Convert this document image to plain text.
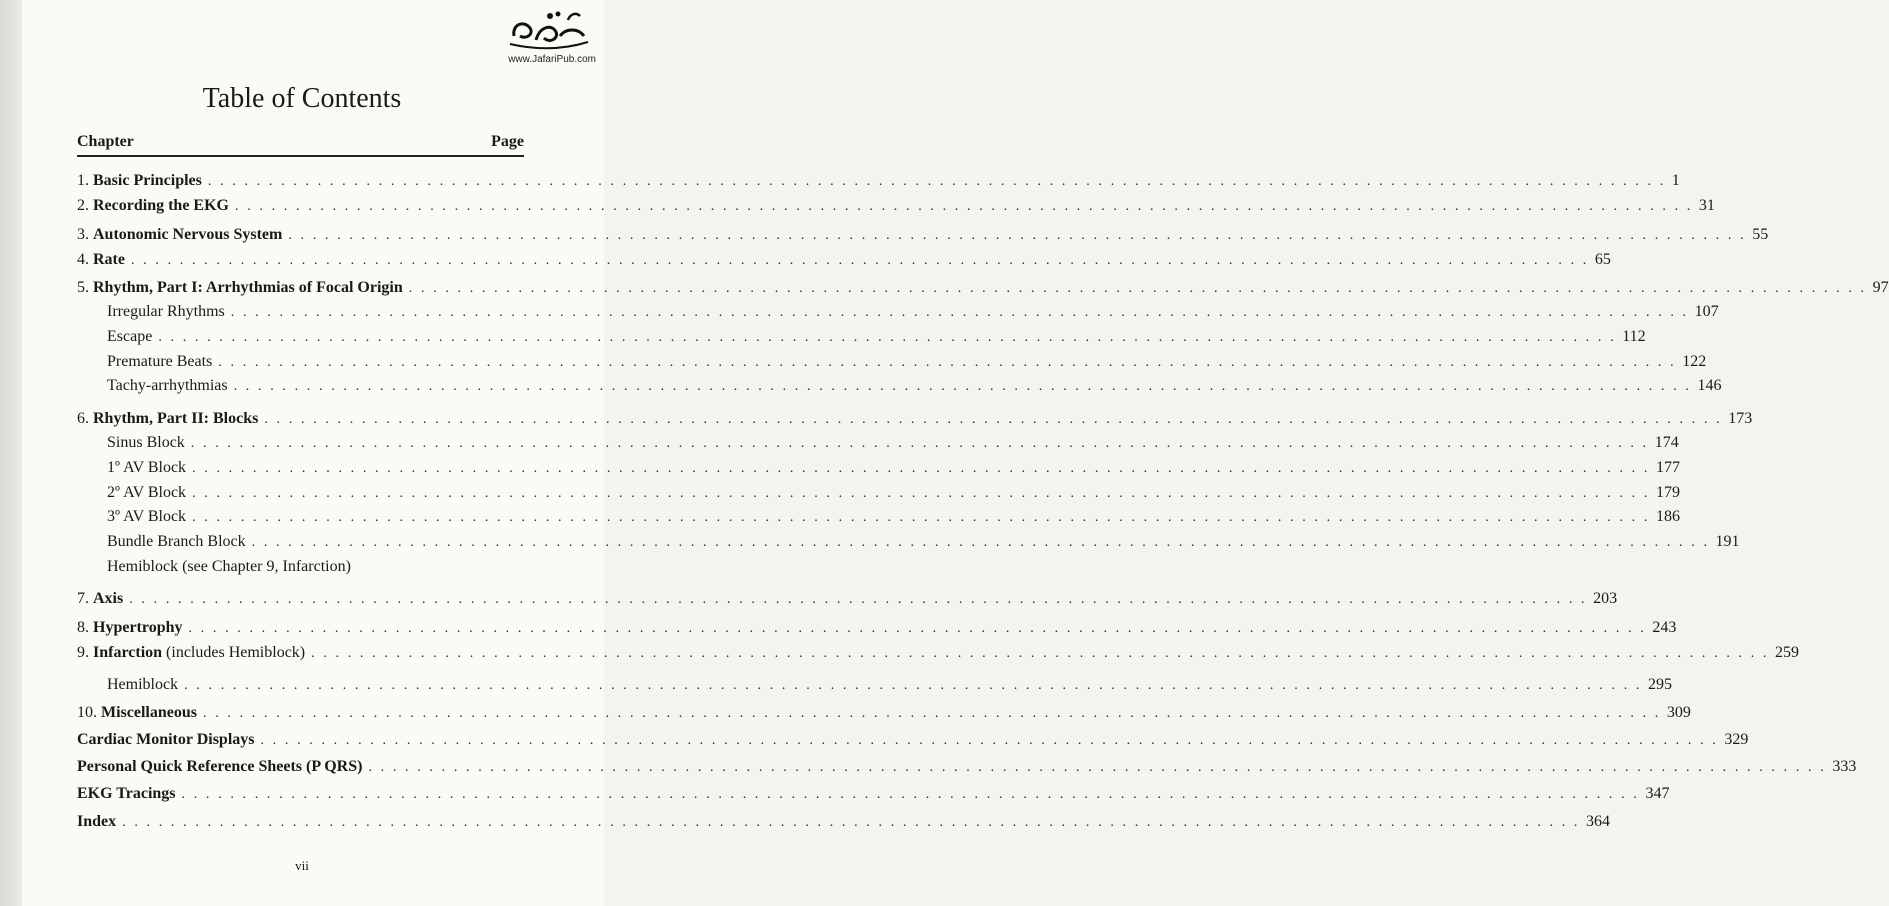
www.JafariPub.com
Table of Contents
Chapter	Page
1. Basic Principles . . . . . . . . . . . . . . . . . . . . . . . . . . . . . . . . . . . . . . . . . . . . . . . . . . . . . . . . . . . . . . . . . . . . . . . . . . . . . . . . . . . . . . . . . . . . . . . . . . . . . . . . . . . . . . . . . . . . . . . . 1
2. Recording the EKG . . . . . . . . . . . . . . . . . . . . . . . . . . . . . . . . . . . . . . . . . . . . . . . . . . . . . . . . . . . . . . . . . . . . . . . . . . . . . . . . . . . . . . . . . . . . . . . . . . . . . . . . . . . . . . . . . . . . . . . . 31
3. Autonomic Nervous System . . . . . . . . . . . . . . . . . . . . . . . . . . . . . . . . . . . . . . . . . . . . . . . . . . . . . . . . . . . . . . . . . . . . . . . . . . . . . . . . . . . . . . . . . . . . . . . . . . . . . . . . . . . . . . . . . . . . . . . . 55
4. Rate . . . . . . . . . . . . . . . . . . . . . . . . . . . . . . . . . . . . . . . . . . . . . . . . . . . . . . . . . . . . . . . . . . . . . . . . . . . . . . . . . . . . . . . . . . . . . . . . . . . . . . . . . . . . . . . . . . . . . . . . 65
5. Rhythm, Part I: Arrhythmias of Focal Origin . . . . . . . . . . . . . . . . . . . . . . . . . . . . . . . . . . . . . . . . . . . . . . . . . . . . . . . . . . . . . . . . . . . . . . . . . . . . . . . . . . . . . . . . . . . . . . . . . . . . . . . . . . . . . . . . . . . . . . . . 97
Irregular Rhythms . . . . . . . . . . . . . . . . . . . . . . . . . . . . . . . . . . . . . . . . . . . . . . . . . . . . . . . . . . . . . . . . . . . . . . . . . . . . . . . . . . . . . . . . . . . . . . . . . . . . . . . . . . . . . . . . . . . . . . . . 107
Escape . . . . . . . . . . . . . . . . . . . . . . . . . . . . . . . . . . . . . . . . . . . . . . . . . . . . . . . . . . . . . . . . . . . . . . . . . . . . . . . . . . . . . . . . . . . . . . . . . . . . . . . . . . . . . . . . . . . . . . . . 112
Premature Beats . . . . . . . . . . . . . . . . . . . . . . . . . . . . . . . . . . . . . . . . . . . . . . . . . . . . . . . . . . . . . . . . . . . . . . . . . . . . . . . . . . . . . . . . . . . . . . . . . . . . . . . . . . . . . . . . . . . . . . . . 122
Tachy-arrhythmias . . . . . . . . . . . . . . . . . . . . . . . . . . . . . . . . . . . . . . . . . . . . . . . . . . . . . . . . . . . . . . . . . . . . . . . . . . . . . . . . . . . . . . . . . . . . . . . . . . . . . . . . . . . . . . . . . . . . . . . . 146
6. Rhythm, Part II: Blocks . . . . . . . . . . . . . . . . . . . . . . . . . . . . . . . . . . . . . . . . . . . . . . . . . . . . . . . . . . . . . . . . . . . . . . . . . . . . . . . . . . . . . . . . . . . . . . . . . . . . . . . . . . . . . . . . . . . . . . . . 173
Sinus Block . . . . . . . . . . . . . . . . . . . . . . . . . . . . . . . . . . . . . . . . . . . . . . . . . . . . . . . . . . . . . . . . . . . . . . . . . . . . . . . . . . . . . . . . . . . . . . . . . . . . . . . . . . . . . . . . . . . . . . . . 174
1º AV Block . . . . . . . . . . . . . . . . . . . . . . . . . . . . . . . . . . . . . . . . . . . . . . . . . . . . . . . . . . . . . . . . . . . . . . . . . . . . . . . . . . . . . . . . . . . . . . . . . . . . . . . . . . . . . . . . . . . . . . . . 177
2º AV Block . . . . . . . . . . . . . . . . . . . . . . . . . . . . . . . . . . . . . . . . . . . . . . . . . . . . . . . . . . . . . . . . . . . . . . . . . . . . . . . . . . . . . . . . . . . . . . . . . . . . . . . . . . . . . . . . . . . . . . . . 179
3º AV Block . . . . . . . . . . . . . . . . . . . . . . . . . . . . . . . . . . . . . . . . . . . . . . . . . . . . . . . . . . . . . . . . . . . . . . . . . . . . . . . . . . . . . . . . . . . . . . . . . . . . . . . . . . . . . . . . . . . . . . . . 186
Bundle Branch Block . . . . . . . . . . . . . . . . . . . . . . . . . . . . . . . . . . . . . . . . . . . . . . . . . . . . . . . . . . . . . . . . . . . . . . . . . . . . . . . . . . . . . . . . . . . . . . . . . . . . . . . . . . . . . . . . . . . . . . . . 191
Hemiblock (see Chapter 9, Infarction)
7. Axis . . . . . . . . . . . . . . . . . . . . . . . . . . . . . . . . . . . . . . . . . . . . . . . . . . . . . . . . . . . . . . . . . . . . . . . . . . . . . . . . . . . . . . . . . . . . . . . . . . . . . . . . . . . . . . . . . . . . . . . . 203
8. Hypertrophy . . . . . . . . . . . . . . . . . . . . . . . . . . . . . . . . . . . . . . . . . . . . . . . . . . . . . . . . . . . . . . . . . . . . . . . . . . . . . . . . . . . . . . . . . . . . . . . . . . . . . . . . . . . . . . . . . . . . . . . . 243
9. Infarction (includes Hemiblock) . . . . . . . . . . . . . . . . . . . . . . . . . . . . . . . . . . . . . . . . . . . . . . . . . . . . . . . . . . . . . . . . . . . . . . . . . . . . . . . . . . . . . . . . . . . . . . . . . . . . . . . . . . . . . . . . . . . . . . . . 259
Hemiblock . . . . . . . . . . . . . . . . . . . . . . . . . . . . . . . . . . . . . . . . . . . . . . . . . . . . . . . . . . . . . . . . . . . . . . . . . . . . . . . . . . . . . . . . . . . . . . . . . . . . . . . . . . . . . . . . . . . . . . . . 295
10. Miscellaneous . . . . . . . . . . . . . . . . . . . . . . . . . . . . . . . . . . . . . . . . . . . . . . . . . . . . . . . . . . . . . . . . . . . . . . . . . . . . . . . . . . . . . . . . . . . . . . . . . . . . . . . . . . . . . . . . . . . . . . . . 309
Cardiac Monitor Displays . . . . . . . . . . . . . . . . . . . . . . . . . . . . . . . . . . . . . . . . . . . . . . . . . . . . . . . . . . . . . . . . . . . . . . . . . . . . . . . . . . . . . . . . . . . . . . . . . . . . . . . . . . . . . . . . . . . . . . . . 329
Personal Quick Reference Sheets (P QRS) . . . . . . . . . . . . . . . . . . . . . . . . . . . . . . . . . . . . . . . . . . . . . . . . . . . . . . . . . . . . . . . . . . . . . . . . . . . . . . . . . . . . . . . . . . . . . . . . . . . . . . . . . . . . . . . . . . . . . . . . 333
EKG Tracings . . . . . . . . . . . . . . . . . . . . . . . . . . . . . . . . . . . . . . . . . . . . . . . . . . . . . . . . . . . . . . . . . . . . . . . . . . . . . . . . . . . . . . . . . . . . . . . . . . . . . . . . . . . . . . . . . . . . . . . . 347
Index . . . . . . . . . . . . . . . . . . . . . . . . . . . . . . . . . . . . . . . . . . . . . . . . . . . . . . . . . . . . . . . . . . . . . . . . . . . . . . . . . . . . . . . . . . . . . . . . . . . . . . . . . . . . . . . . . . . . . . . . 364
vii
